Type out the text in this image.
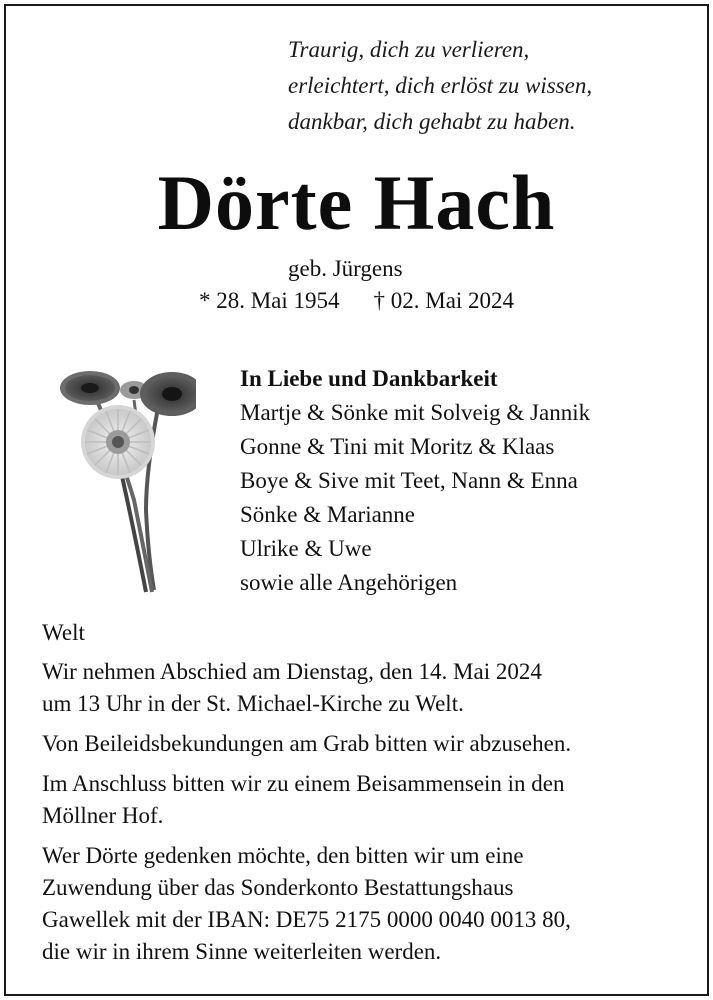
Traurig, dich zu verlieren,
erleichtert, dich erlöst zu wissen,
dankbar, dich gehabt zu haben.
Dörte Hach
geb. Jürgens
* 28. Mai 1954 † 02. Mai 2024
In Liebe und Dankbarkeit
Martje & Sönke mit Solveig & Jannik
Gonne & Tini mit Moritz & Klaas
Boye & Sive mit Teet, Nann & Enna
Sönke & Marianne
Ulrike & Uwe
sowie alle Angehörigen
Welt

Wir nehmen Abschied am Dienstag, den 14. Mai 2024
um 13 Uhr in der St. Michael-Kirche zu Welt.

Von Beileidsbekundungen am Grab bitten wir abzusehen.

Im Anschluss bitten wir zu einem Beisammensein in den
Möllner Hof.

Wer Dörte gedenken möchte, den bitten wir um eine
Zuwendung über das Sonderkonto Bestattungshaus
Gawellek mit der IBAN: DE75 2175 0000 0040 0013 80,
die wir in ihrem Sinne weiterleiten werden.
